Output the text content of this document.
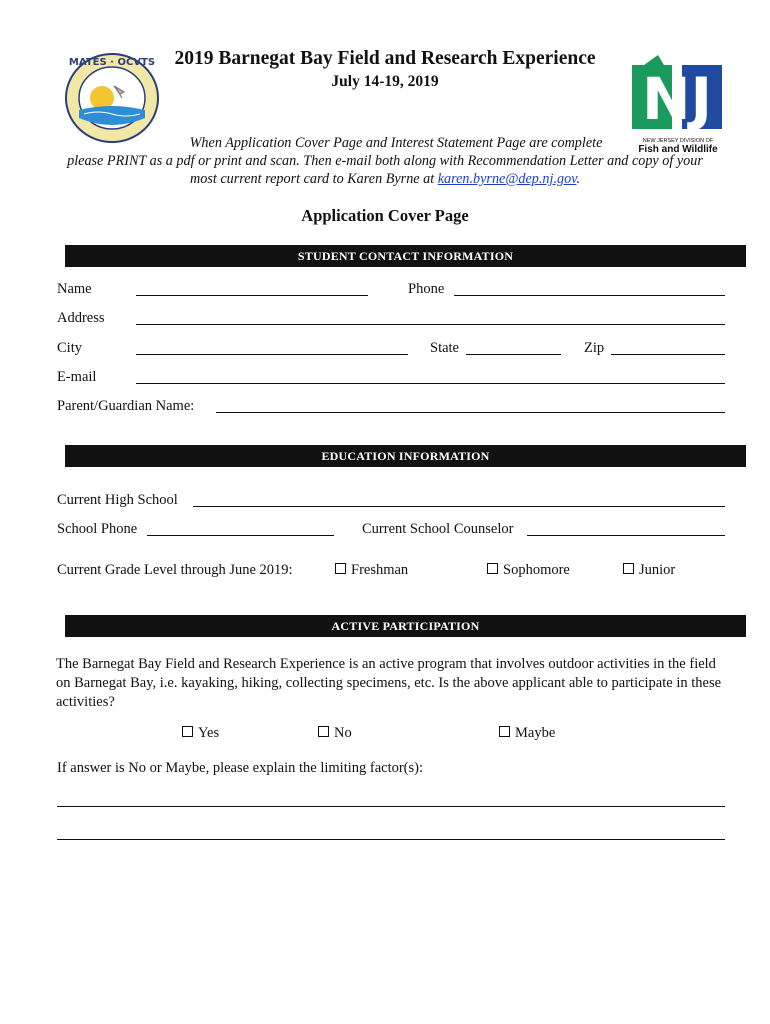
MATES · OCVTS
NJ
NEW JERSEY DIVISION OF
Fish and Wildlife
2019 Barnegat Bay Field and Research Experience
July 14-19, 2019
When Application Cover Page and Interest Statement Page are complete
please PRINT as a pdf or print and scan. Then e-mail both along with Recommendation Letter and copy of your
most current report card to Karen Byrne at karen.byrne@dep.nj.gov.
Application Cover Page
STUDENT CONTACT INFORMATION
Name	Phone
Address
City	State	Zip
E-mail
Parent/Guardian Name:
EDUCATION INFORMATION
Current High School
School Phone	Current School Counselor
Current Grade Level through June 2019:	Freshman	Sophomore	Junior
ACTIVE PARTICIPATION
The Barnegat Bay Field and Research Experience is an active program that involves outdoor activities in the field on Barnegat Bay, i.e. kayaking, hiking, collecting specimens, etc. Is the above applicant able to participate in these activities?
Yes	No	Maybe
If answer is No or Maybe, please explain the limiting factor(s):
